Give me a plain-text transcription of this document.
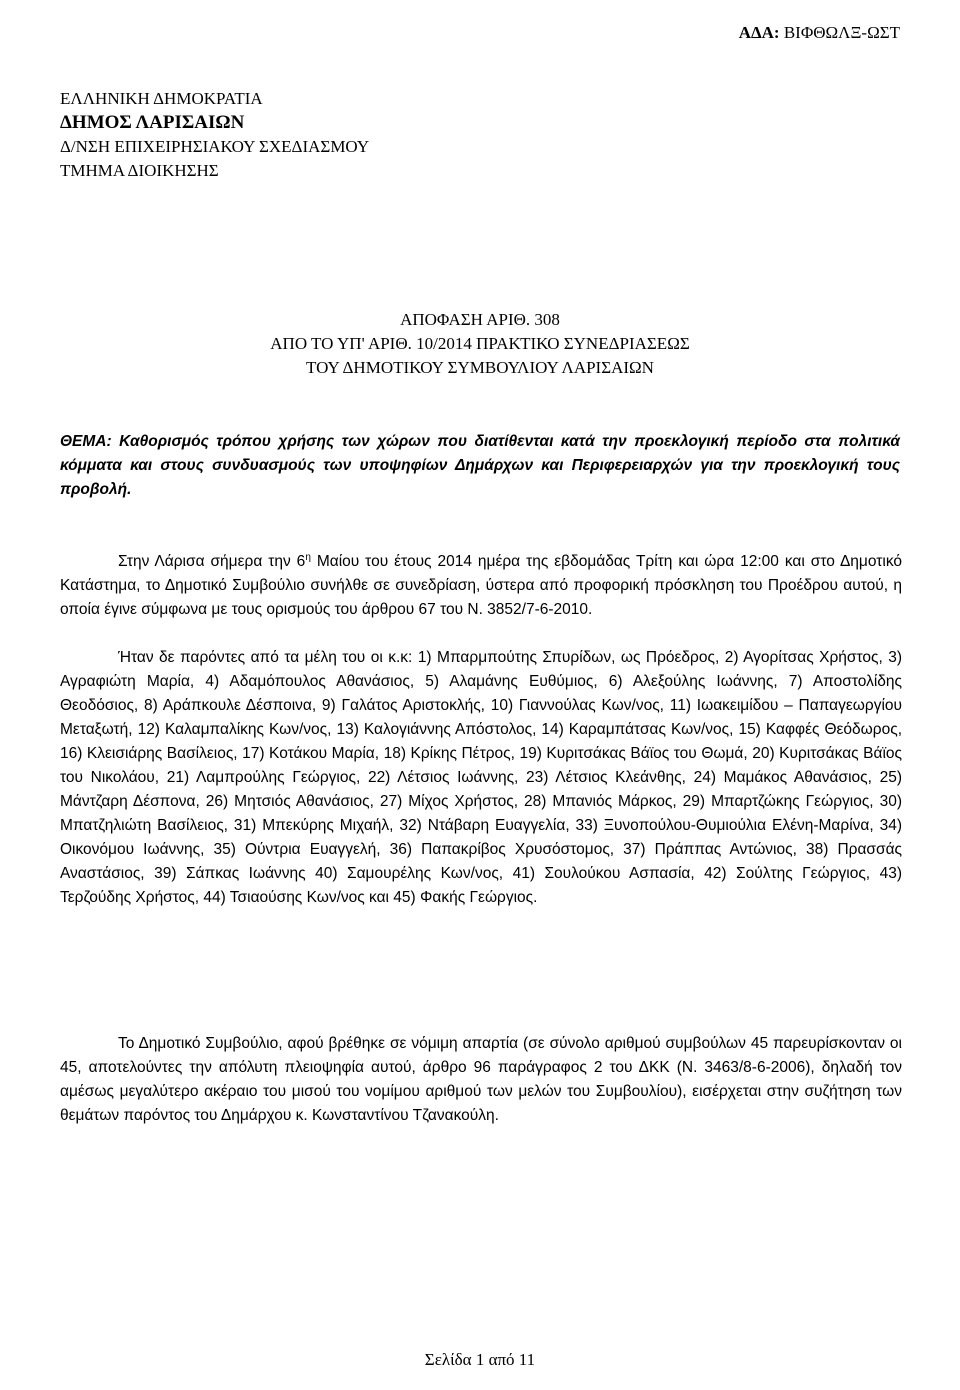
ΑΔΑ: ΒΙΦΘΩΛΞ-ΩΣΤ
ΕΛΛΗΝΙΚΗ ΔΗΜΟΚΡΑΤΙΑ
ΔΗΜΟΣ ΛΑΡΙΣΑΙΩΝ
Δ/ΝΣΗ ΕΠΙΧΕΙΡΗΣΙΑΚΟΥ ΣΧΕΔΙΑΣΜΟΥ
ΤΜΗΜΑ ΔΙΟΙΚΗΣΗΣ
ΑΠΟΦΑΣΗ ΑΡΙΘ. 308
ΑΠΟ ΤΟ ΥΠ' ΑΡΙΘ. 10/2014 ΠΡΑΚΤΙΚΟ ΣΥΝΕΔΡΙΑΣΕΩΣ
ΤΟΥ ΔΗΜΟΤΙΚΟΥ ΣΥΜΒΟΥΛΙΟΥ ΛΑΡΙΣΑΙΩΝ
ΘΕΜΑ: Καθορισμός τρόπου χρήσης των χώρων που διατίθενται κατά την προεκλογική περίοδο στα πολιτικά κόμματα και στους συνδυασμούς των υποψηφίων Δημάρχων και Περιφερειαρχών για την προεκλογική τους προβολή.
Στην Λάρισα σήμερα την $6^\eta$ Μαίου του έτους 2014 ημέρα της εβδομάδας Τρίτη και ώρα 12:00 και στο Δημοτικό Κατάστημα, το Δημοτικό Συμβούλιο συνήλθε σε συνεδρίαση, ύστερα από προφορική πρόσκληση του Προέδρου αυτού, η οποία έγινε σύμφωνα με τους ορισμούς του άρθρου 67 του Ν. 3852/7-6-2010.
Ήταν δε παρόντες από τα μέλη του οι κ.κ: 1) Μπαρμπούτης Σπυρίδων, ως Πρόεδρος, 2) Αγορίτσας Χρήστος, 3) Αγραφιώτη Μαρία, 4) Αδαμόπουλος Αθανάσιος, 5) Αλαμάνης Ευθύμιος, 6) Αλεξούλης Ιωάννης, 7) Αποστολίδης Θεοδόσιος, 8) Αράπκουλε Δέσποινα, 9) Γαλάτος Αριστοκλής, 10) Γιαννούλας Κων/νος, 11) Ιωακειμίδου – Παπαγεωργίου Μεταξωτή, 12) Καλαμπαλίκης Κων/νος, 13) Καλογιάννης Απόστολος, 14) Καραμπάτσας Κων/νος, 15) Καφφές Θεόδωρος, 16) Κλεισιάρης Βασίλειος, 17) Κοτάκου Μαρία, 18) Κρίκης Πέτρος, 19) Κυριτσάκας Βάϊος του Θωμά, 20) Κυριτσάκας Βάϊος του Νικολάου, 21) Λαμπρούλης Γεώργιος, 22) Λέτσιος Ιωάννης, 23) Λέτσιος Κλεάνθης, 24) Μαμάκος Αθανάσιος, 25) Μάντζαρη Δέσπονα, 26) Μητσιός Αθανάσιος, 27) Μίχος Χρήστος, 28) Μπανιός Μάρκος, 29) Μπαρτζώκης Γεώργιος, 30) Μπατζηλιώτη Βασίλειος, 31) Μπεκύρης Μιχαήλ, 32) Ντάβαρη Ευαγγελία, 33) Ξυνοπούλου-Θυμιούλια Ελένη-Μαρίνα, 34) Οικονόμου Ιωάννης, 35) Ούντρια Ευαγγελή, 36) Παπακρίβος Χρυσόστομος, 37) Πράππας Αντώνιος, 38) Πρασσάς Αναστάσιος, 39) Σάπκας Ιωάννης 40) Σαμουρέλης Κων/νος, 41) Σουλούκου Ασπασία, 42) Σούλτης Γεώργιος, 43) Τερζούδης Χρήστος, 44) Τσιαούσης Κων/νος και 45) Φακής Γεώργιος.
Το Δημοτικό Συμβούλιο, αφού βρέθηκε σε νόμιμη απαρτία (σε σύνολο αριθμού συμβούλων 45 παρευρίσκονταν οι 45, αποτελούντες την απόλυτη πλειοψηφία αυτού, άρθρο 96 παράγραφος 2 του ΔΚΚ (Ν. 3463/8-6-2006), δηλαδή τον αμέσως μεγαλύτερο ακέραιο του μισού του νομίμου αριθμού των μελών του Συμβουλίου), εισέρχεται στην συζήτηση των θεμάτων παρόντος του Δημάρχου κ. Κωνσταντίνου Τζανακούλη.
Σελίδα 1 από 11
